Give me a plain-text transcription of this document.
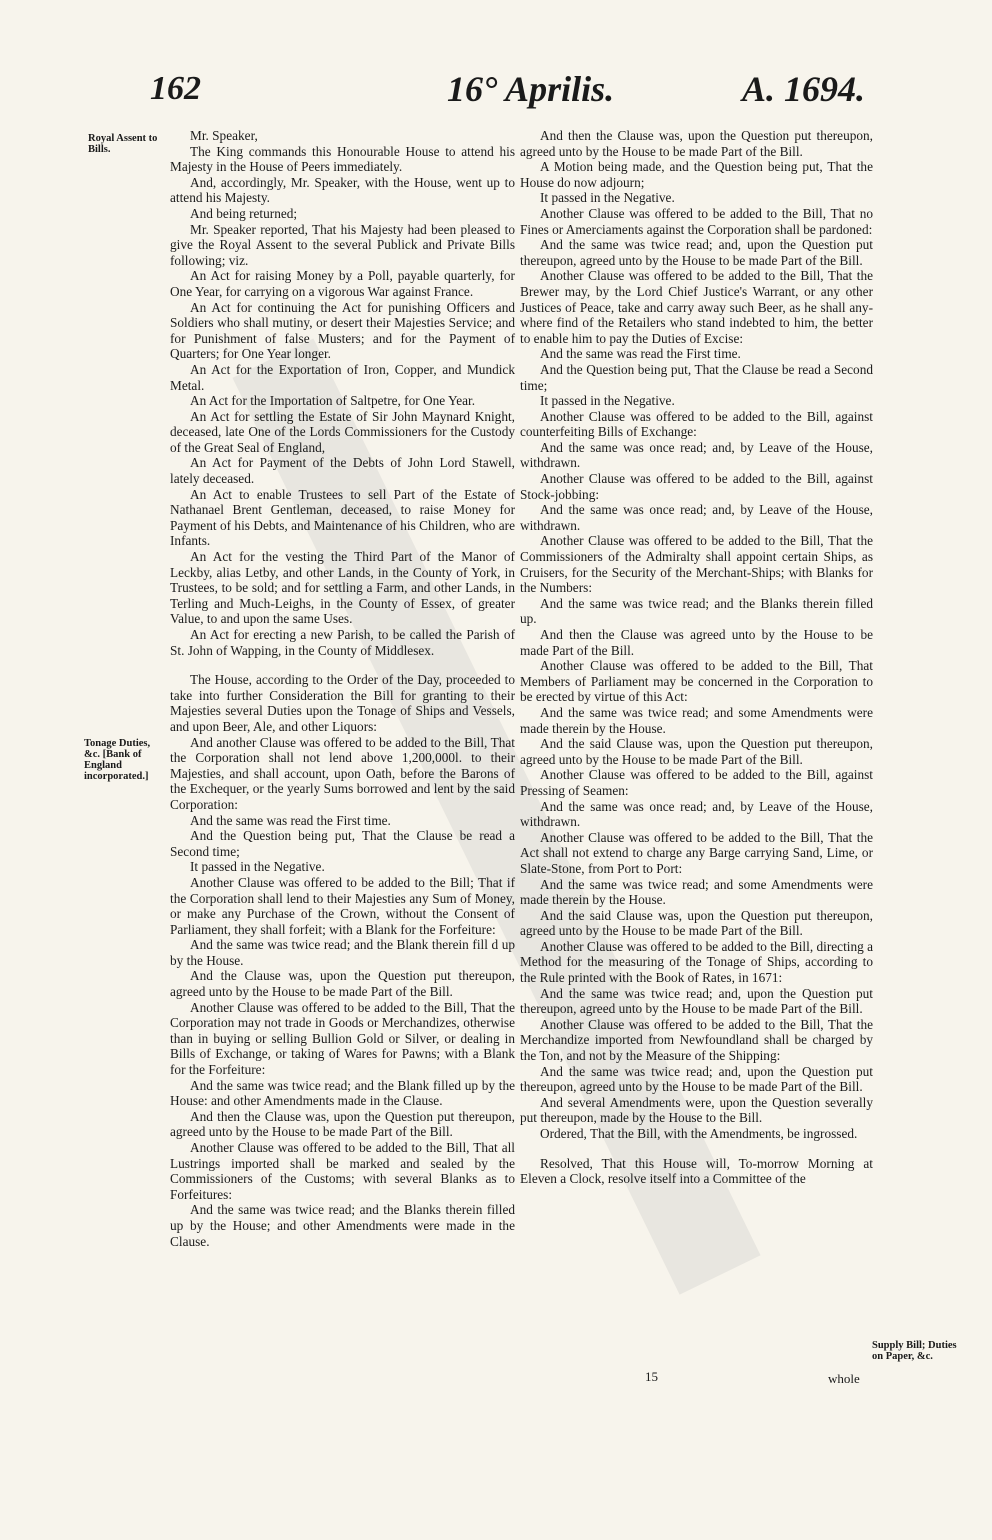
162	16° Aprilis.	A. 1694.
Royal Assent to Bills.
Tonage Duties, &c. [Bank of England incorporated.]
Supply Bill; Duties on Paper, &c.

Mr. Speaker,

The King commands this Honourable House to attend his Majesty in the House of Peers immediately.

And, accordingly, Mr. Speaker, with the House, went up to attend his Majesty.

And being returned;

Mr. Speaker reported, That his Majesty had been pleased to give the Royal Assent to the several Publick and Private Bills following; viz.

An Act for raising Money by a Poll, payable quarterly, for One Year, for carrying on a vigorous War against France.

An Act for continuing the Act for punishing Officers and Soldiers who shall mutiny, or desert their Majesties Service; and for Punishment of false Musters; and for the Payment of Quarters; for One Year longer.

An Act for the Exportation of Iron, Copper, and Mundick Metal.

An Act for the Importation of Saltpetre, for One Year.

An Act for settling the Estate of Sir John Maynard Knight, deceased, late One of the Lords Commissioners for the Custody of the Great Seal of England,

An Act for Payment of the Debts of John Lord Stawell, lately deceased.

An Act to enable Trustees to sell Part of the Estate of Nathanael Brent Gentleman, deceased, to raise Money for Payment of his Debts, and Maintenance of his Children, who are Infants.

An Act for the vesting the Third Part of the Manor of Leckby, alias Letby, and other Lands, in the County of York, in Trustees, to be sold; and for settling a Farm, and other Lands, in Terling and Much-Leighs, in the County of Essex, of greater Value, to and upon the same Uses.

An Act for erecting a new Parish, to be called the Parish of St. John of Wapping, in the County of Middlesex.

The House, according to the Order of the Day, proceeded to take into further Consideration the Bill for granting to their Majesties several Duties upon the Tonage of Ships and Vessels, and upon Beer, Ale, and other Liquors:

And another Clause was offered to be added to the Bill, That the Corporation shall not lend above 1,200,000l. to their Majesties, and shall account, upon Oath, before the Barons of the Exchequer, or the yearly Sums borrowed and lent by the said Corporation:

And the same was read the First time.

And the Question being put, That the Clause be read a Second time;

It passed in the Negative.

Another Clause was offered to be added to the Bill; That if the Corporation shall lend to their Majesties any Sum of Money, or make any Purchase of the Crown, without the Consent of Parliament, they shall forfeit; with a Blank for the Forfeiture:

And the same was twice read; and the Blank therein fill d up by the House.

And the Clause was, upon the Question put thereupon, agreed unto by the House to be made Part of the Bill.

Another Clause was offered to be added to the Bill, That the Corporation may not trade in Goods or Merchandizes, otherwise than in buying or selling Bullion Gold or Silver, or dealing in Bills of Exchange, or taking of Wares for Pawns; with a Blank for the Forfeiture:

And the same was twice read; and the Blank filled up by the House: and other Amendments made in the Clause.

And then the Clause was, upon the Question put thereupon, agreed unto by the House to be made Part of the Bill.

Another Clause was offered to be added to the Bill, That all Lustrings imported shall be marked and sealed by the Commissioners of the Customs; with several Blanks as to Forfeitures:

And the same was twice read; and the Blanks therein filled up by the House; and other Amendments were made in the Clause.

And then the Clause was, upon the Question put thereupon, agreed unto by the House to be made Part of the Bill.

A Motion being made, and the Question being put, That the House do now adjourn;

It passed in the Negative.

Another Clause was offered to be added to the Bill, That no Fines or Amerciaments against the Corporation shall be pardoned:

And the same was twice read; and, upon the Question put thereupon, agreed unto by the House to be made Part of the Bill.

Another Clause was offered to be added to the Bill, That the Brewer may, by the Lord Chief Justice's Warrant, or any other Justices of Peace, take and carry away such Beer, as he shall any-where find of the Retailers who stand indebted to him, the better to enable him to pay the Duties of Excise:

And the same was read the First time.

And the Question being put, That the Clause be read a Second time;

It passed in the Negative.

Another Clause was offered to be added to the Bill, against counterfeiting Bills of Exchange:

And the same was once read; and, by Leave of the House, withdrawn.

Another Clause was offered to be added to the Bill, against Stock-jobbing:

And the same was once read; and, by Leave of the House, withdrawn.

Another Clause was offered to be added to the Bill, That the Commissioners of the Admiralty shall appoint certain Ships, as Cruisers, for the Security of the Merchant-Ships; with Blanks for the Numbers:

And the same was twice read; and the Blanks therein filled up.

And then the Clause was agreed unto by the House to be made Part of the Bill.

Another Clause was offered to be added to the Bill, That Members of Parliament may be concerned in the Corporation to be erected by virtue of this Act:

And the same was twice read; and some Amendments were made therein by the House.

And the said Clause was, upon the Question put thereupon, agreed unto by the House to be made Part of the Bill.

Another Clause was offered to be added to the Bill, against Pressing of Seamen:

And the same was once read; and, by Leave of the House, withdrawn.

Another Clause was offered to be added to the Bill, That the Act shall not extend to charge any Barge carrying Sand, Lime, or Slate-Stone, from Port to Port:

And the same was twice read; and some Amendments were made therein by the House.

And the said Clause was, upon the Question put thereupon, agreed unto by the House to be made Part of the Bill.

Another Clause was offered to be added to the Bill, directing a Method for the measuring of the Tonage of Ships, according to the Rule printed with the Book of Rates, in 1671:

And the same was twice read; and, upon the Question put thereupon, agreed unto by the House to be made Part of the Bill.

Another Clause was offered to be added to the Bill, That the Merchandize imported from Newfoundland shall be charged by the Ton, and not by the Measure of the Shipping:

And the same was twice read; and, upon the Question put thereupon, agreed unto by the House to be made Part of the Bill.

And several Amendments were, upon the Question severally put thereupon, made by the House to the Bill.

Ordered, That the Bill, with the Amendments, be ingrossed.

Resolved, That this House will, To-morrow Morning at Eleven a Clock, resolve itself into a Committee of the

15	whole
